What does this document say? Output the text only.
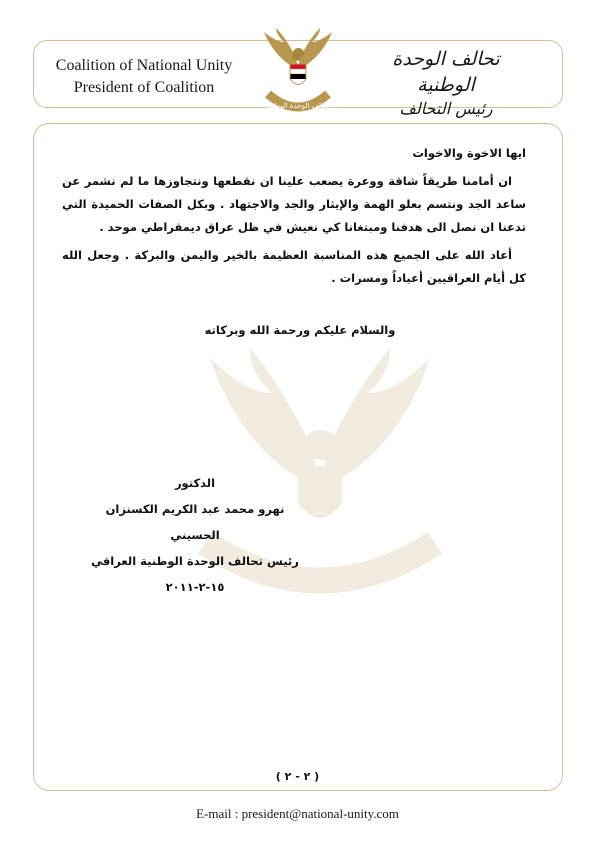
Coalition of National Unity
President of Coalition
تحالف الوحدة الوطنية
رئيس التحالف
تحالف الوحدة الوطنية

ايها الاخوة والاخوات

ان أمامنا طريقاً شاقة ووعرة يصعب علينا ان نقطعها ونتجاوزها ما لم نشمر عن ساعد الجد ونتسم بعلو الهمة والإيثار والجد والاجتهاد . وبكل الصفات الحميدة التي تدعنا ان نصل الى هدفنا ومبتغانا كي نعيش في ظل عراق ديمقراطي موحد .

أعاد الله على الجميع هذه المناسبة العظيمة بالخير واليمن والبركة . وجعل الله كل أيام العراقيين أعياداً ومسرات .

والسلام عليكم ورحمة الله وبركاته
الدكتور
نهرو محمد عبد الكريم الكسنزان الحسيني
رئيس تحالف الوحدة الوطنية العراقي
١٥-٢-٢٠١١
( ٢ - ٢ )
E-mail : president@national-unity.com
